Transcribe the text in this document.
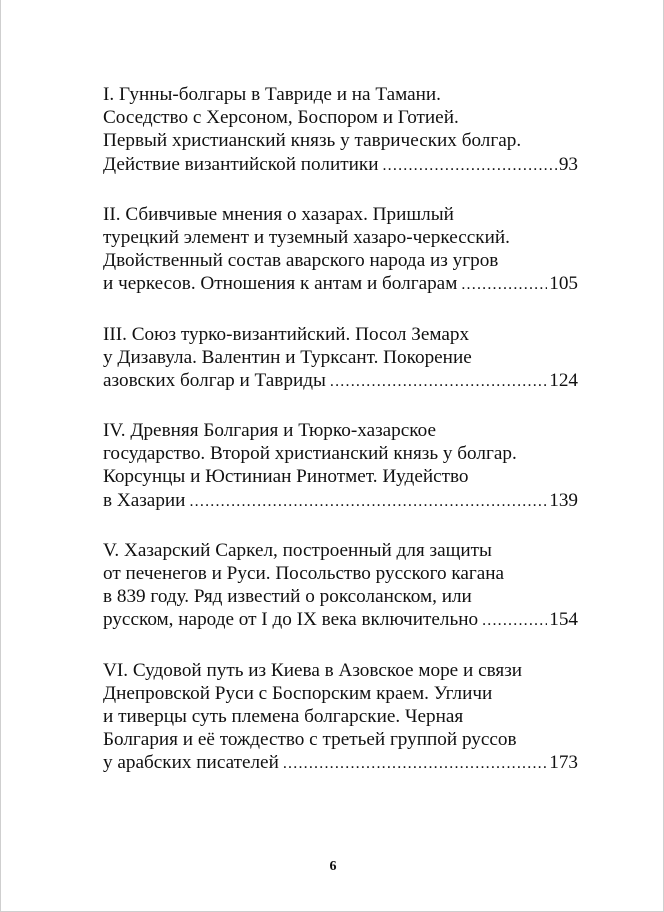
I. Гунны-болгары в Тавриде и на Тамани.
Соседство с Херсоном, Боспором и Готией.
Первый христианский князь у таврических болгар.
Действие византийской политики .....	93
II. Сбивчивые мнения о хазарах. Пришлый
турецкий элемент и туземный хазаро-черкесский.
Двойственный состав аварского народа из угров
и черкесов. Отношения к антам и болгарам .....	105
III. Союз турко-византийский. Посол Земарх
у Дизавула. Валентин и Турксант. Покорение
азовских болгар и Тавриды .....	124
IV. Древняя Болгария и Тюрко-хазарское
государство. Второй христианский князь у болгар.
Корсунцы и Юстиниан Ринотмет. Иудейство
в Хазарии .....	139
V. Хазарский Саркел, построенный для защиты
от печенегов и Руси. Посольство русского кагана
в 839 году. Ряд известий о роксоланском, или
русском, народе от I до IX века включительно .....	154
VI. Судовой путь из Киева в Азовское море и связи
Днепровской Руси с Боспорским краем. Угличи
и тиверцы суть племена болгарские. Черная
Болгария и её тождество с третьей группой руссов
у арабских писателей .....	173
6
